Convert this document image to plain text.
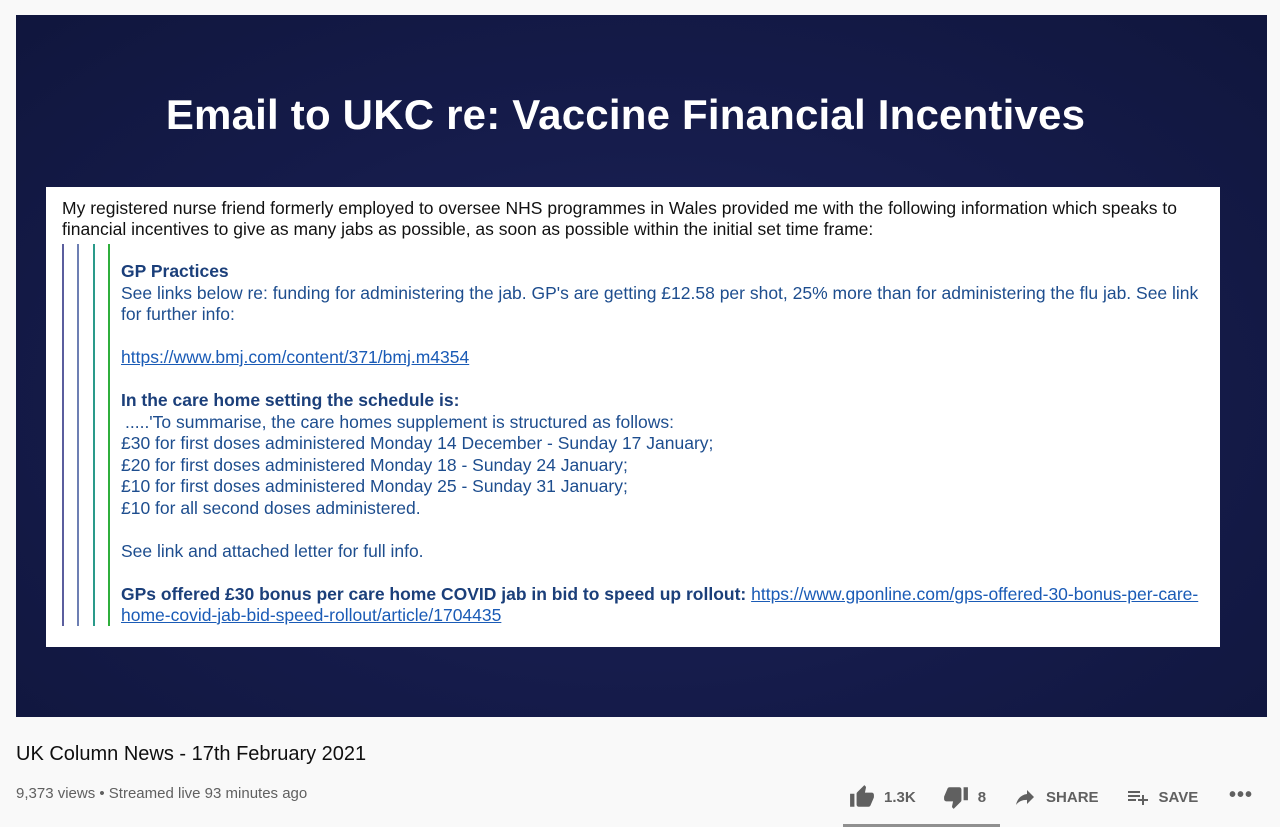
Email to UKC re: Vaccine Financial Incentives
My registered nurse friend formerly employed to oversee NHS programmes in Wales provided me with the following information which speaks to financial incentives to give as many jabs as possible, as soon as possible within the initial set time frame:

GP Practices

See links below re: funding for administering the jab. GP's are getting £12.58 per shot, 25% more than for administering the flu jab. See link for further info:

https://www.bmj.com/content/371/bmj.m4354

In the care home setting the schedule is:

.....'To summarise, the care homes supplement is structured as follows:

£30 for first doses administered Monday 14 December - Sunday 17 January;

£20 for first doses administered Monday 18 - Sunday 24 January;

£10 for first doses administered Monday 25 - Sunday 31 January;

£10 for all second doses administered.

See link and attached letter for full info.

GPs offered £30 bonus per care home COVID jab in bid to speed up rollout: https://www.gponline.com/gps-offered-30-bonus-per-care-home-covid-jab-bid-speed-rollout/article/1704435

UK Column News - 17th February 2021
9,373 views • Streamed live 93 minutes ago	1.3K	8	SHARE	SAVE •••
